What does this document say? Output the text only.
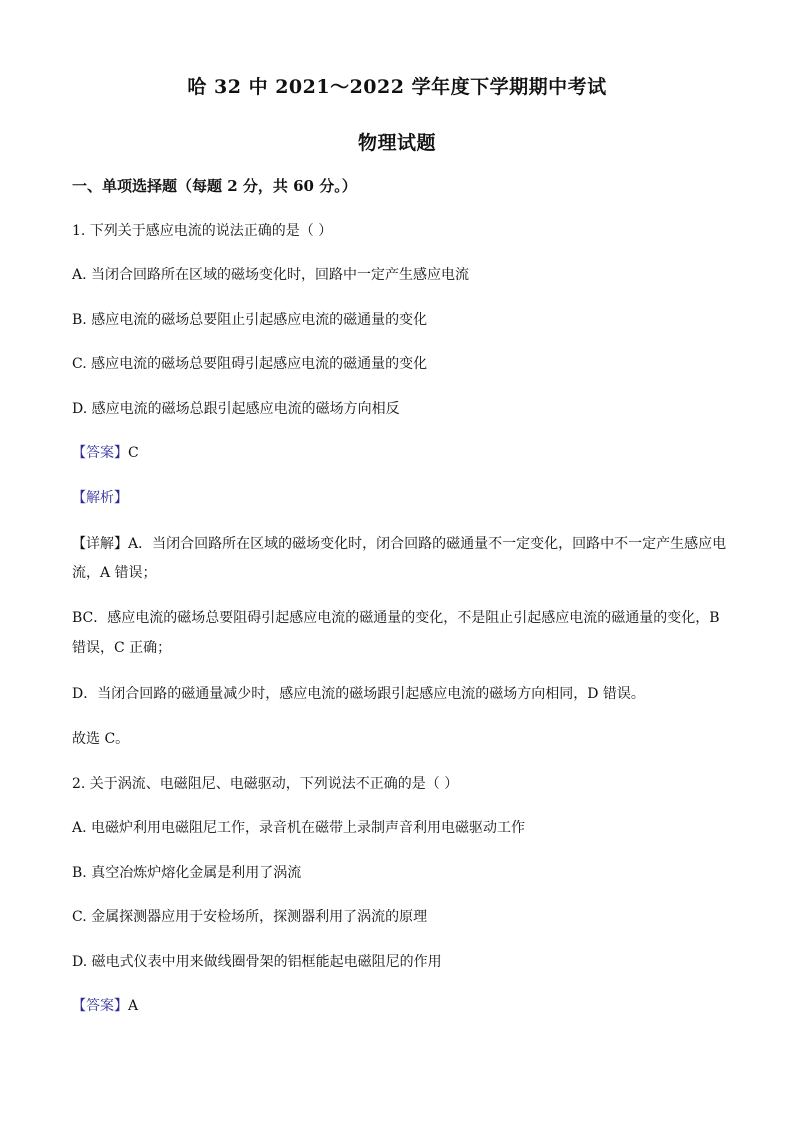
哈 32 中 2021～2022 学年度下学期期中考试
物理试题
一、单项选择题（每题 2 分，共 60 分。）
1. 下列关于感应电流的说法正确的是（ ）
A. 当闭合回路所在区域的磁场变化时，回路中一定产生感应电流
B. 感应电流的磁场总要阻止引起感应电流的磁通量的变化
C. 感应电流的磁场总要阻碍引起感应电流的磁通量的变化
D. 感应电流的磁场总跟引起感应电流的磁场方向相反
【答案】C
【解析】
【详解】A．当闭合回路所在区域的磁场变化时，闭合回路的磁通量不一定变化，回路中不一定产生感应电
流，A 错误；
BC．感应电流的磁场总要阻碍引起感应电流的磁通量的变化，不是阻止引起感应电流的磁通量的变化，B
错误，C 正确；
D．当闭合回路的磁通量减少时，感应电流的磁场跟引起感应电流的磁场方向相同，D 错误。
故选 C。
2. 关于涡流、电磁阻尼、电磁驱动，下列说法不正确的是（ ）
A. 电磁炉利用电磁阻尼工作，录音机在磁带上录制声音利用电磁驱动工作
B. 真空冶炼炉熔化金属是利用了涡流
C. 金属探测器应用于安检场所，探测器利用了涡流的原理
D. 磁电式仪表中用来做线圈骨架的铝框能起电磁阻尼的作用
【答案】A
